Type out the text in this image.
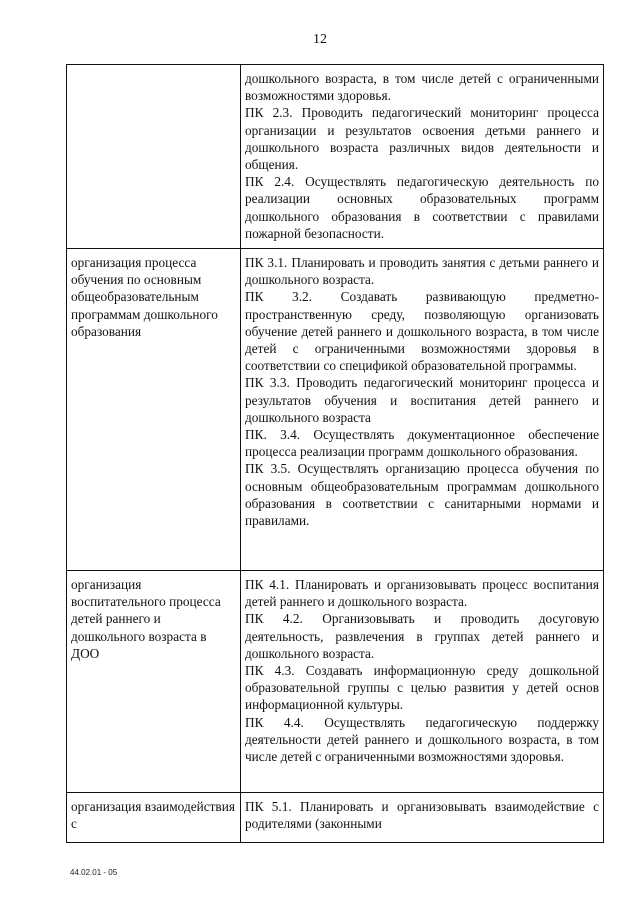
12

	дошкольного возраста, в том числе детей с ограниченными возможностями здоровья.
ПК 2.3. Проводить педагогический мониторинг процесса организации и результатов освоения детьми раннего и дошкольного возраста различных видов деятельности и общения.
ПК 2.4. Осуществлять педагогическую деятельность по реализации основных образовательных программ дошкольного образования в соответствии с правилами пожарной безопасности.

организация процесса обучения по основным общеобразовательным программам дошкольного образования	ПК 3.1. Планировать и проводить занятия с детьми раннего и дошкольного возраста.
ПК 3.2. Создавать развивающую предметно-пространственную среду, позволяющую организовать обучение детей раннего и дошкольного возраста, в том числе детей с ограниченными возможностями здоровья в соответствии со спецификой образовательной программы.
ПК 3.3. Проводить педагогический мониторинг процесса и результатов обучения и воспитания детей раннего и дошкольного возраста
ПК. 3.4. Осуществлять документационное обеспечение процесса реализации программ дошкольного образования.
ПК 3.5. Осуществлять организацию процесса обучения по основным общеобразовательным программам дошкольного образования в соответствии с санитарными нормами и правилами.

организация воспитательного процесса детей раннего и дошкольного возраста в ДОО	ПК 4.1. Планировать и организовывать процесс воспитания детей раннего и дошкольного возраста.
ПК 4.2. Организовывать и проводить досуговую деятельность, развлечения в группах детей раннего и дошкольного возраста.
ПК 4.3. Создавать информационную среду дошкольной образовательной группы с целью развития у детей основ информационной культуры.
ПК 4.4. Осуществлять педагогическую поддержку деятельности детей раннего и дошкольного возраста, в том числе детей с ограниченными возможностями здоровья.

организация взаимодействия с	ПК 5.1. Планировать и организовывать взаимодействие с родителями (законными
44.02.01 - 05
